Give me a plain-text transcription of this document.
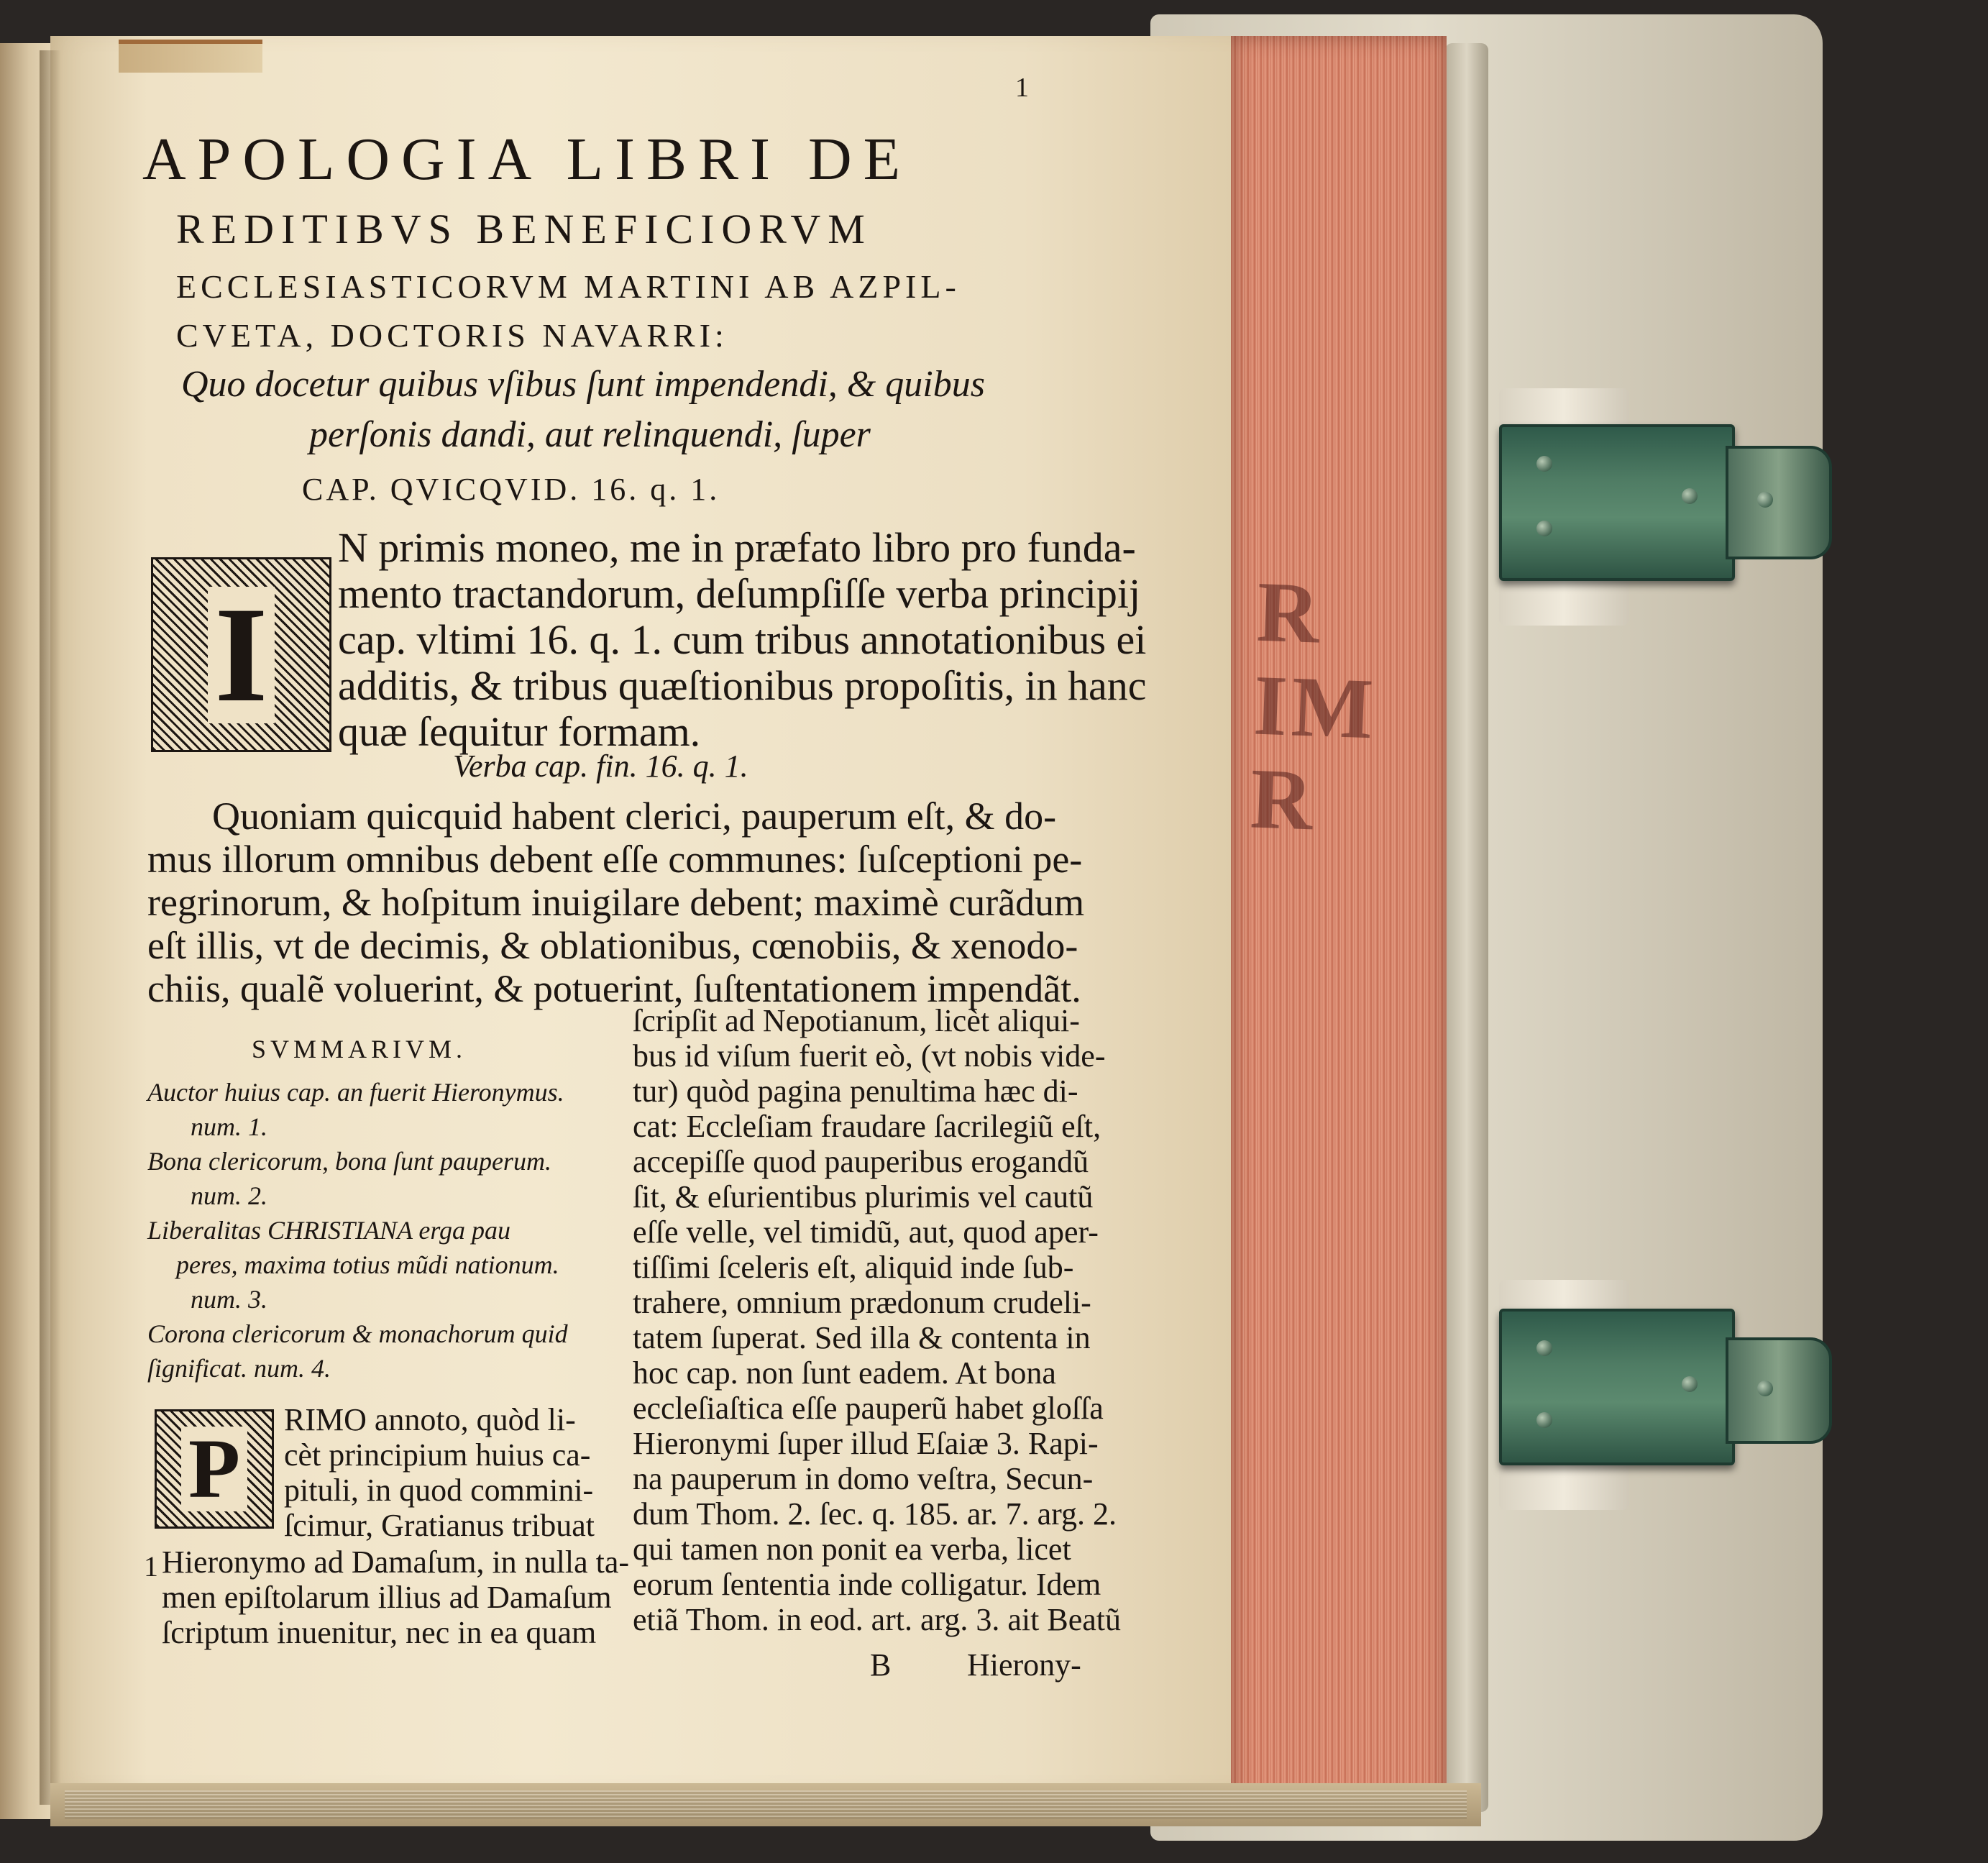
R
IM
R
1
APOLOGIA LIBRI DE
REDITIBVS BENEFICIORVM
ECCLESIASTICORVM MARTINI AB AZPIL-
CVETA, DOCTORIS NAVARRI:
Quo docetur quibus vſibus ſunt impendendi, & quibus
perſonis dandi, aut relinquendi, ſuper
CAP. QVICQVID. 16. q. 1.
I
N primis moneo, me in præfato libro pro funda-
mento tractandorum, deſumpſiſſe verba principij
cap. vltimi 16. q. 1. cum tribus annotationibus ei
additis, & tribus quæſtionibus propoſitis, in hanc
quæ ſequitur formam.
Verba cap. fin. 16. q. 1.
Quoniam quicquid habent clerici, pauperum eſt, & do-
mus illorum omnibus debent eſſe communes: ſuſceptioni pe-
regrinorum, & hoſpitum inuigilare debent; maximè curãdum
eſt illis, vt de decimis, & oblationibus, cœnobiis, & xenodo-
chiis, qualẽ voluerint, & potuerint, ſuſtentationem impendãt.
SVMMARIVM.
Auctor huius cap. an fuerit Hieronymus.
num. 1.
Bona clericorum, bona ſunt pauperum.
num. 2.
Liberalitas CHRISTIANA erga pau
peres, maxima totius mũdi nationum.
num. 3.
Corona clericorum & monachorum quid
ſignificat. num. 4.
P
RIMO annoto, quòd li-
cèt principium huius ca-
pituli, in quod commini-
ſcimur, Gratianus tribuat
1 Hieronymo ad Damaſum, in nulla ta-
men epiſtolarum illius ad Damaſum
ſcriptum inuenitur, nec in ea quam
ſcripſit ad Nepotianum, licèt aliqui-
bus id viſum fuerit eò, (vt nobis vide-
tur) quòd pagina penultima hæc di-
cat: Eccleſiam fraudare ſacrilegiũ eſt,
accepiſſe quod pauperibus erogandũ
ſit, & eſurientibus plurimis vel cautũ
eſſe velle, vel timidũ, aut, quod aper-
tiſſimi ſceleris eſt, aliquid inde ſub-
trahere, omnium prædonum crudeli-
tatem ſuperat. Sed illa & contenta in
hoc cap. non ſunt eadem. At bona
eccleſiaſtica eſſe pauperũ habet gloſſa
Hieronymi ſuper illud Eſaiæ 3. Rapi-
na pauperum in domo veſtra, Secun-
dum Thom. 2. ſec. q. 185. ar. 7. arg. 2.
qui tamen non ponit ea verba, licet
eorum ſententia inde colligatur. Idem
etiã Thom. in eod. art. arg. 3. ait Beatũ
B Hierony-
